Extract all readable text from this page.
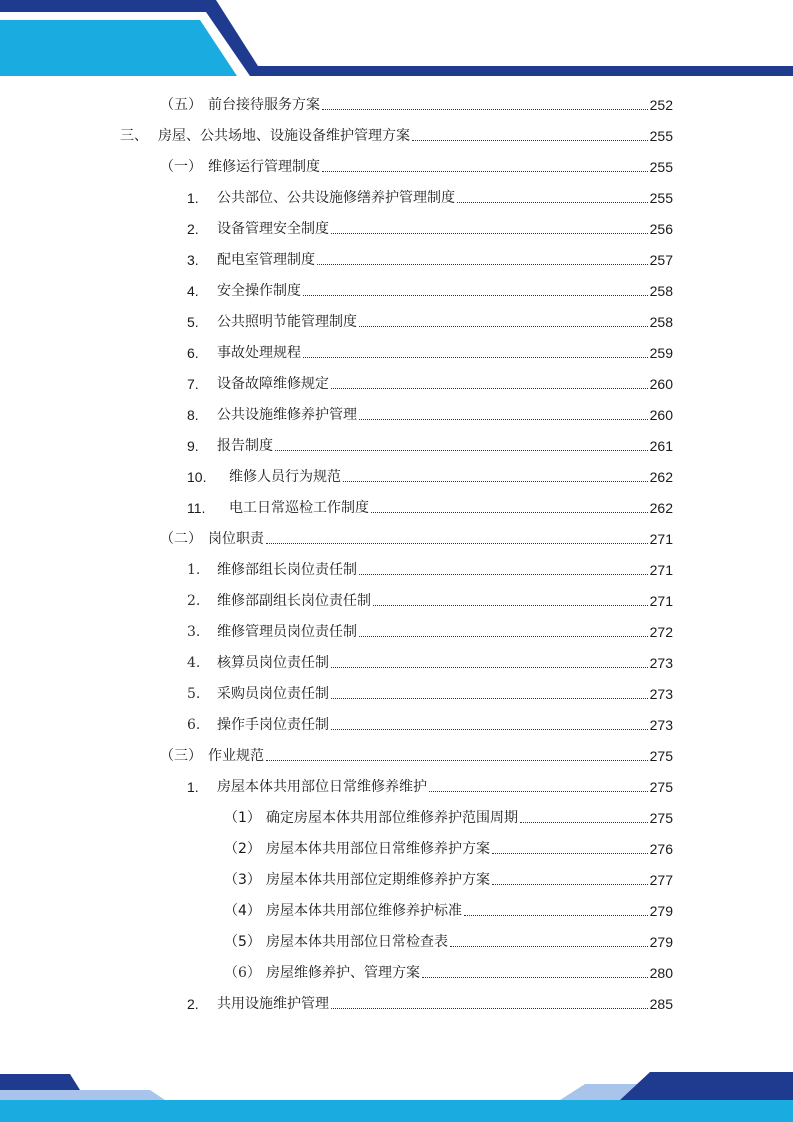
（五） 前台接待服务方案	252
三、 房屋、公共场地、设施设备维护管理方案	255
（一） 维修运行管理制度	255
1.	公共部位、公共设施修缮养护管理制度	255
2.	设备管理安全制度	256
3.	配电室管理制度	257
4.	安全操作制度	258
5.	公共照明节能管理制度	258
6.	事故处理规程	259
7.	设备故障维修规定	260
8.	公共设施维修养护管理	260
9.	报告制度	261
10.	维修人员行为规范	262
11.	电工日常巡检工作制度	262
（二） 岗位职责	271
1.	维修部组长岗位责任制	271
2.	维修部副组长岗位责任制	271
3.	维修管理员岗位责任制	272
4.	核算员岗位责任制	273
5.	采购员岗位责任制	273
6.	操作手岗位责任制	273
（三） 作业规范	275
1.	房屋本体共用部位日常维修养维护	275
（1） 确定房屋本体共用部位维修养护范围周期	275
（2） 房屋本体共用部位日常维修养护方案	276
（3） 房屋本体共用部位定期维修养护方案	277
（4） 房屋本体共用部位维修养护标准	279
（5） 房屋本体共用部位日常检查表	279
（6） 房屋维修养护、管理方案	280
2.	共用设施维护管理	285
